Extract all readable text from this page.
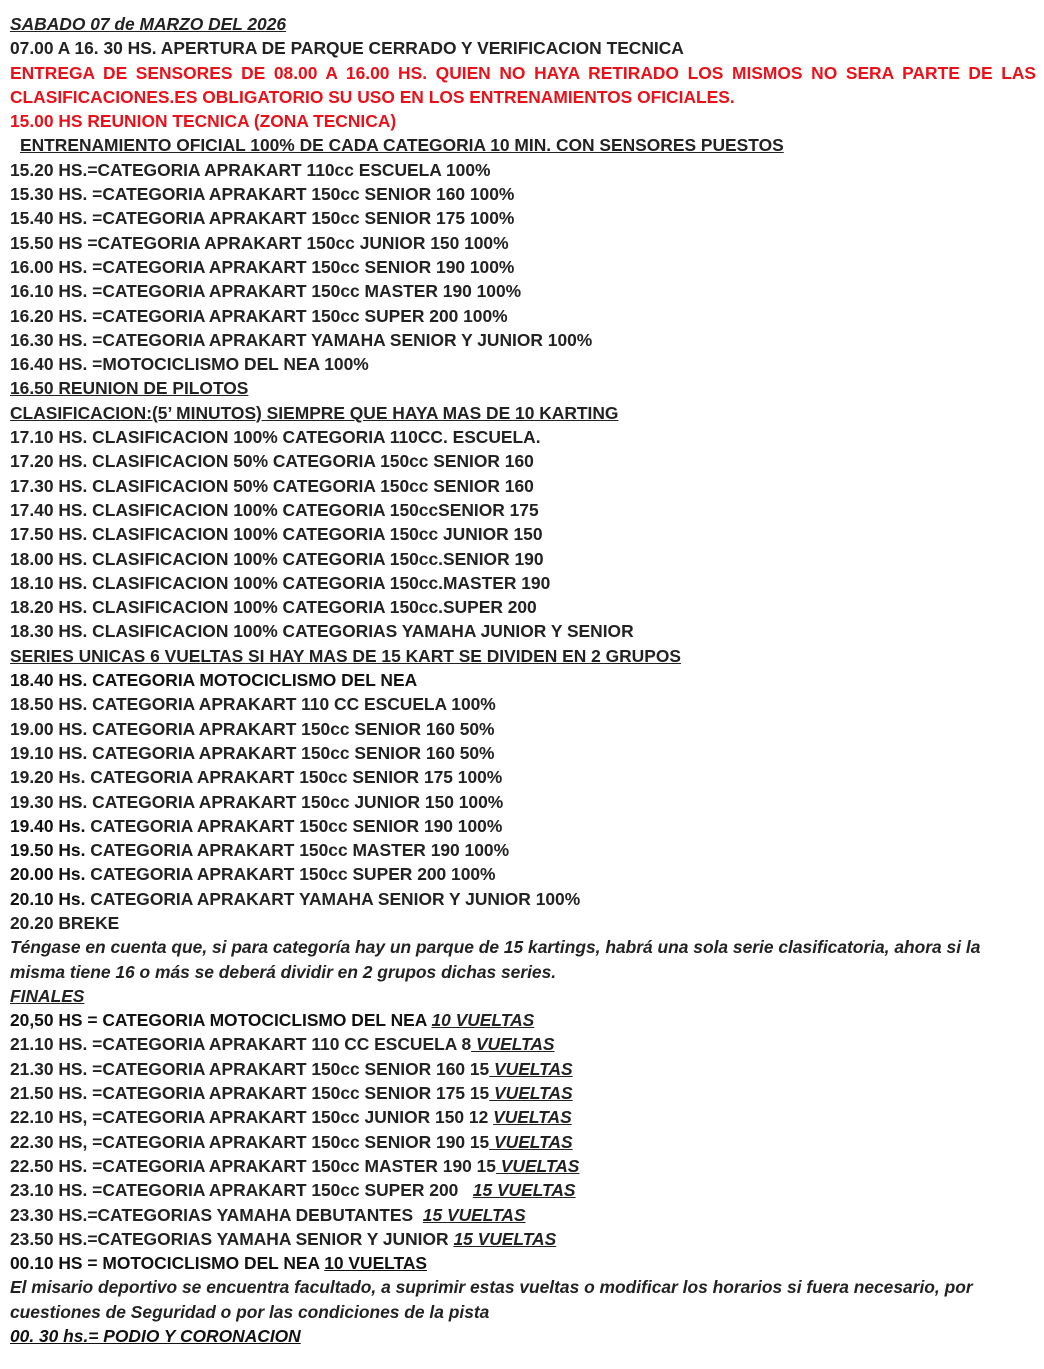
SABADO 07 de MARZO DEL 2026
07.00 A 16. 30 HS. APERTURA DE PARQUE CERRADO Y VERIFICACION TECNICA
ENTREGA DE SENSORES DE 08.00 A 16.00 HS. QUIEN NO HAYA RETIRADO LOS MISMOS NO SERA PARTE DE LAS
CLASIFICACIONES.ES OBLIGATORIO SU USO EN LOS ENTRENAMIENTOS OFICIALES.
15.00 HS REUNION TECNICA (ZONA TECNICA)
ENTRENAMIENTO OFICIAL 100% DE CADA CATEGORIA 10 MIN. CON SENSORES PUESTOS
15.20 HS.=CATEGORIA APRAKART 110cc ESCUELA 100%
15.30 HS. =CATEGORIA APRAKART 150cc SENIOR 160 100%
15.40 HS. =CATEGORIA APRAKART 150cc SENIOR 175 100%
15.50 HS =CATEGORIA APRAKART 150cc JUNIOR 150 100%
16.00 HS. =CATEGORIA APRAKART 150cc SENIOR 190 100%
16.10 HS. =CATEGORIA APRAKART 150cc MASTER 190 100%
16.20 HS. =CATEGORIA APRAKART 150cc SUPER 200 100%
16.30 HS. =CATEGORIA APRAKART YAMAHA SENIOR Y JUNIOR 100%
16.40 HS. =MOTOCICLISMO DEL NEA 100%
16.50 REUNION DE PILOTOS
CLASIFICACION:(5’ MINUTOS) SIEMPRE QUE HAYA MAS DE 10 KARTING
17.10 HS. CLASIFICACION 100% CATEGORIA 110CC. ESCUELA.
17.20 HS. CLASIFICACION 50% CATEGORIA 150cc SENIOR 160
17.30 HS. CLASIFICACION 50% CATEGORIA 150cc SENIOR 160
17.40 HS. CLASIFICACION 100% CATEGORIA 150ccSENIOR 175
17.50 HS. CLASIFICACION 100% CATEGORIA 150cc JUNIOR 150
18.00 HS. CLASIFICACION 100% CATEGORIA 150cc.SENIOR 190
18.10 HS. CLASIFICACION 100% CATEGORIA 150cc.MASTER 190
18.20 HS. CLASIFICACION 100% CATEGORIA 150cc.SUPER 200
18.30 HS. CLASIFICACION 100% CATEGORIAS YAMAHA JUNIOR Y SENIOR
SERIES UNICAS 6 VUELTAS SI HAY MAS DE 15 KART SE DIVIDEN EN 2 GRUPOS
18.40 HS. CATEGORIA MOTOCICLISMO DEL NEA
18.50 HS. CATEGORIA APRAKART 110 CC ESCUELA 100%
19.00 HS. CATEGORIA APRAKART 150cc SENIOR 160 50%
19.10 HS. CATEGORIA APRAKART 150cc SENIOR 160 50%
19.20 Hs. CATEGORIA APRAKART 150cc SENIOR 175 100%
19.30 HS. CATEGORIA APRAKART 150cc JUNIOR 150 100%
19.40 Hs. CATEGORIA APRAKART 150cc SENIOR 190 100%
19.50 Hs. CATEGORIA APRAKART 150cc MASTER 190 100%
20.00 Hs. CATEGORIA APRAKART 150cc SUPER 200 100%
20.10 Hs. CATEGORIA APRAKART YAMAHA SENIOR Y JUNIOR 100%
20.20 BREKE
Téngase en cuenta que, si para categoría hay un parque de 15 kartings, habrá una sola serie clasificatoria, ahora si la misma tiene 16 o más se deberá dividir en 2 grupos dichas series.
FINALES
20,50 HS = CATEGORIA MOTOCICLISMO DEL NEA 10 VUELTAS
21.10 HS. =CATEGORIA APRAKART 110 CC ESCUELA 8 VUELTAS
21.30 HS. =CATEGORIA APRAKART 150cc SENIOR 160 15 VUELTAS
21.50 HS. =CATEGORIA APRAKART 150cc SENIOR 175 15 VUELTAS
22.10 HS, =CATEGORIA APRAKART 150cc JUNIOR 150 12 VUELTAS
22.30 HS, =CATEGORIA APRAKART 150cc SENIOR 190 15 VUELTAS
22.50 HS. =CATEGORIA APRAKART 150cc MASTER 190 15 VUELTAS
23.10 HS. =CATEGORIA APRAKART 150cc SUPER 200   15 VUELTAS
23.30 HS.=CATEGORIAS YAMAHA DEBUTANTES  15 VUELTAS
23.50 HS.=CATEGORIAS YAMAHA SENIOR Y JUNIOR 15 VUELTAS
00.10 HS = MOTOCICLISMO DEL NEA 10 VUELTAS
El misario deportivo se encuentra facultado, a suprimir estas vueltas o modificar los horarios si fuera necesario, por cuestiones de Seguridad o por las condiciones de la pista
00. 30 hs.= PODIO Y CORONACION
